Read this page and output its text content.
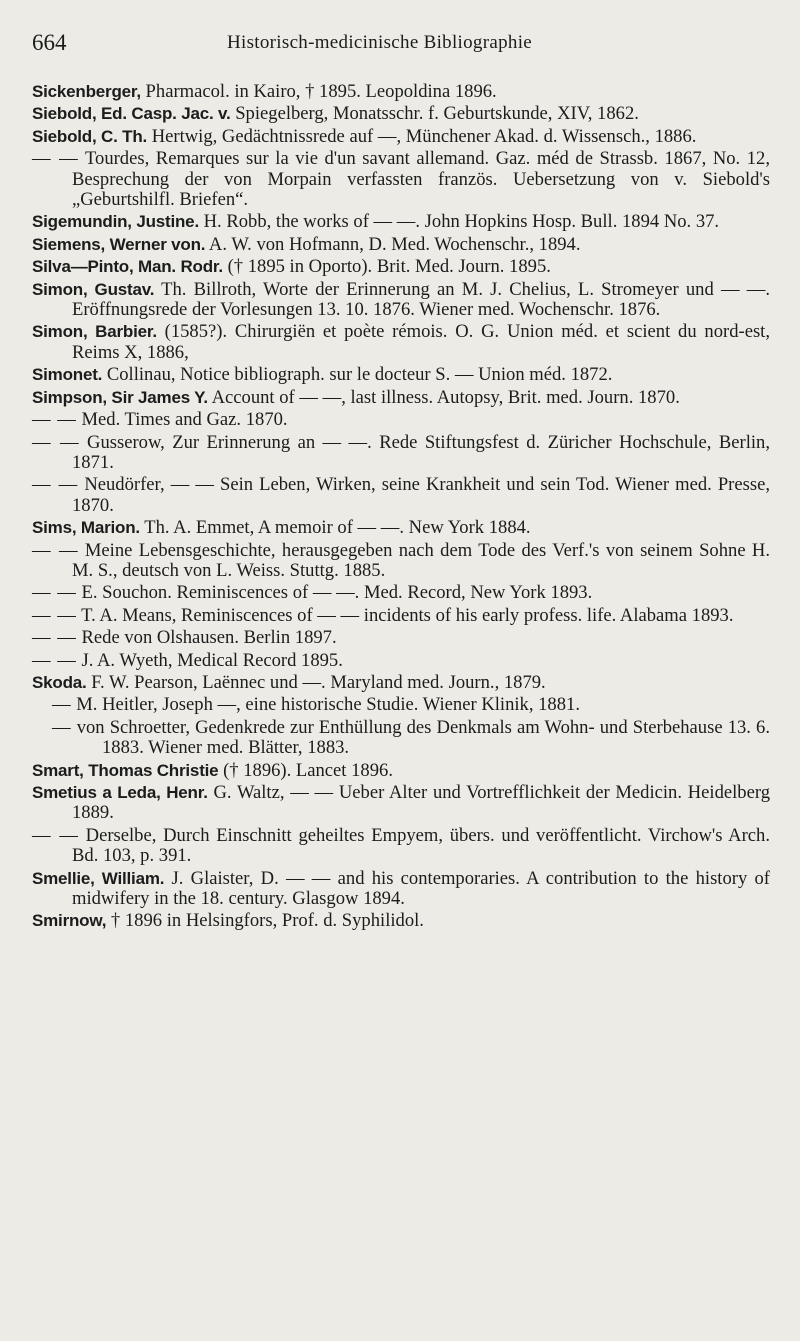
664	Historisch-medicinische Bibliographie

Sickenberger, Pharmacol. in Kairo, † 1895. Leopoldina 1896.

Siebold, Ed. Casp. Jac. v. Spiegelberg, Monatsschr. f. Geburtskunde, XIV, 1862.

Siebold, C. Th. Hertwig, Gedächtnissrede auf —, Münchener Akad. d. Wissensch., 1886.

— — Tourdes, Remarques sur la vie d'un savant allemand. Gaz. méd de Strassb. 1867, No. 12, Besprechung der von Morpain verfassten französ. Uebersetzung von v. Siebold's „Geburtshilfl. Briefen“.

Sigemundin, Justine. H. Robb, the works of — —. John Hopkins Hosp. Bull. 1894 No. 37.

Siemens, Werner von. A. W. von Hofmann, D. Med. Wochenschr., 1894.

Silva—Pinto, Man. Rodr. († 1895 in Oporto). Brit. Med. Journ. 1895.

Simon, Gustav. Th. Billroth, Worte der Erinnerung an M. J. Chelius, L. Stromeyer und — —. Eröffnungsrede der Vorlesungen 13. 10. 1876. Wiener med. Wochenschr. 1876.

Simon, Barbier. (1585?). Chirurgiën et poète rémois. O. G. Union méd. et scient du nord-est, Reims X, 1886,

Simonet. Collinau, Notice bibliograph. sur le docteur S. — Union méd. 1872.

Simpson, Sir James Y. Account of — —, last illness. Autopsy, Brit. med. Journ. 1870.

— — Med. Times and Gaz. 1870.

— — Gusserow, Zur Erinnerung an — —. Rede Stiftungsfest d. Züricher Hochschule, Berlin, 1871.

— — Neudörfer, — — Sein Leben, Wirken, seine Krankheit und sein Tod. Wiener med. Presse, 1870.

Sims, Marion. Th. A. Emmet, A memoir of — —. New York 1884.

— — Meine Lebensgeschichte, herausgegeben nach dem Tode des Verf.'s von seinem Sohne H. M. S., deutsch von L. Weiss. Stuttg. 1885.

— — E. Souchon. Reminiscences of — —. Med. Record, New York 1893.

— — T. A. Means, Reminiscences of — — incidents of his early profess. life. Alabama 1893.

— — Rede von Olshausen. Berlin 1897.

— — J. A. Wyeth, Medical Record 1895.

Skoda. F. W. Pearson, Laënnec und —. Maryland med. Journ., 1879.

— M. Heitler, Joseph —, eine historische Studie. Wiener Klinik, 1881.

— von Schroetter, Gedenkrede zur Enthüllung des Denkmals am Wohn- und Sterbehause 13. 6. 1883. Wiener med. Blätter, 1883.

Smart, Thomas Christie († 1896). Lancet 1896.

Smetius a Leda, Henr. G. Waltz, — — Ueber Alter und Vortrefflichkeit der Medicin. Heidelberg 1889.

— — Derselbe, Durch Einschnitt geheiltes Empyem, übers. und veröffentlicht. Virchow's Arch. Bd. 103, p. 391.

Smellie, William. J. Glaister, D. — — and his contemporaries. A contribution to the history of midwifery in the 18. century. Glasgow 1894.

Smirnow, † 1896 in Helsingfors, Prof. d. Syphilidol.
